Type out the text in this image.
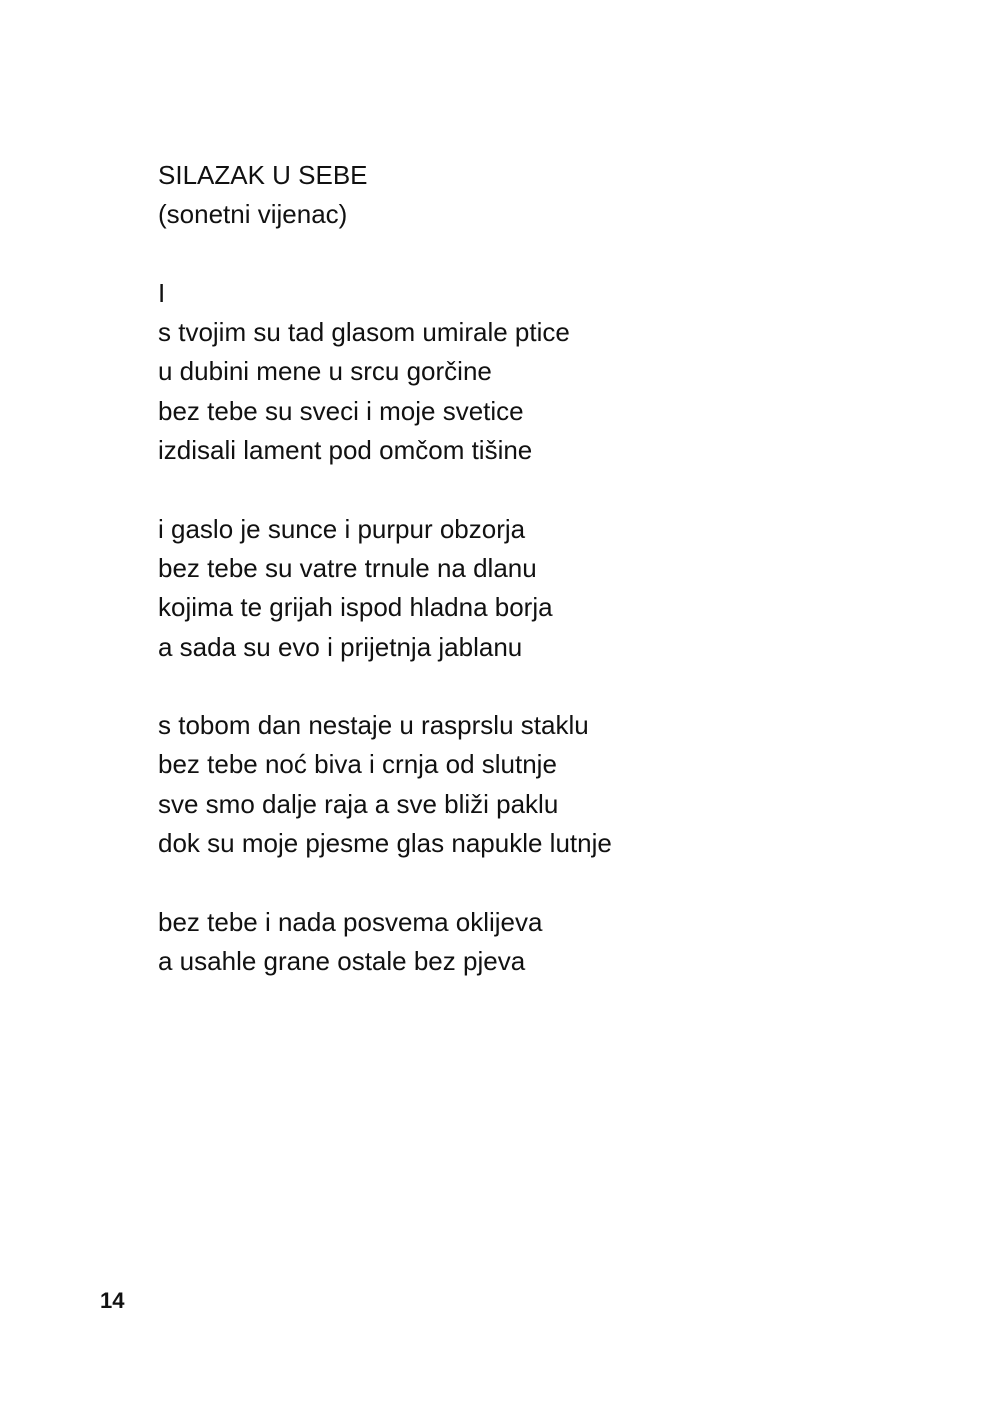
SILAZAK U SEBE
(sonetni vijenac)
I
s tvojim su tad glasom umirale ptice
u dubini mene u srcu gorčine
bez tebe su sveci i moje svetice
izdisali lament pod omčom tišine
i gaslo je sunce i purpur obzorja
bez tebe su vatre trnule na dlanu
kojima te grijah ispod hladna borja
a sada su evo i prijetnja jablanu
s tobom dan nestaje u rasprslu staklu
bez tebe noć biva i crnja od slutnje
sve smo dalje raja a sve bliži paklu
dok su moje pjesme glas napukle lutnje
bez tebe i nada posvema oklijeva
a usahle grane ostale bez pjeva
14
